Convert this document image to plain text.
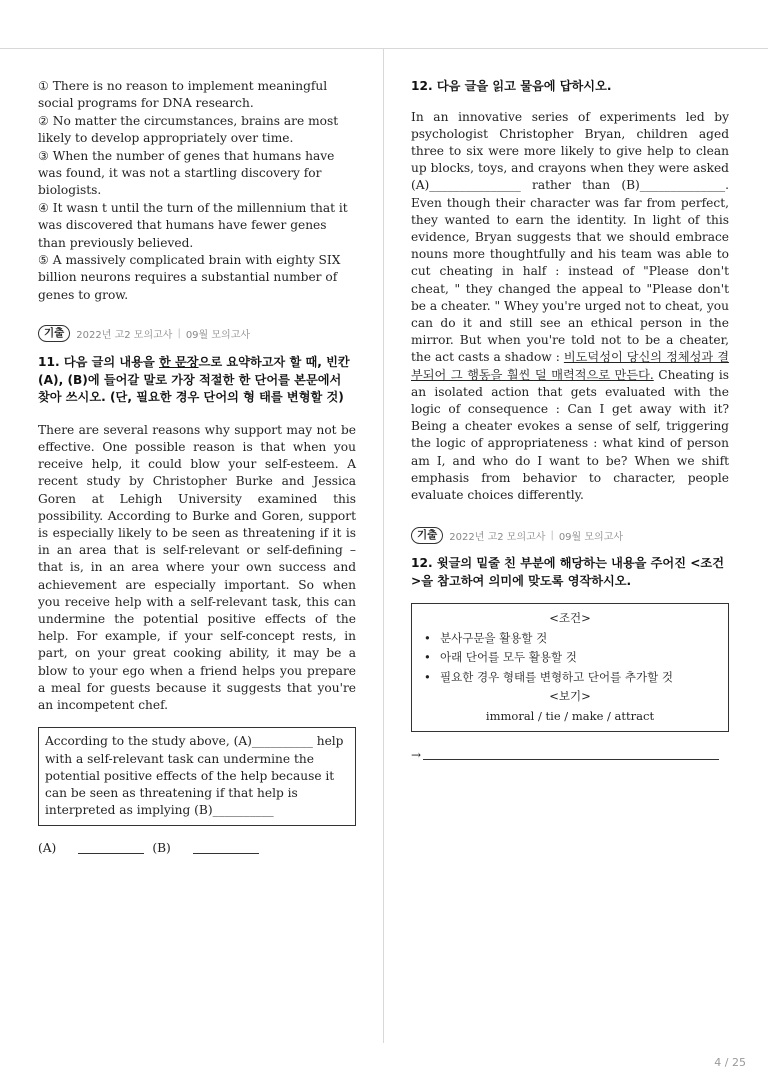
① There is no reason to implement meaningful social programs for DNA research.

② No matter the circumstances, brains are most likely to develop appropriately over time.

③ When the number of genes that humans have was found, it was not a startling discovery for biologists.

④ It wasn t until the turn of the millennium that it was discovered that humans have fewer genes than previously believed.

⑤ A massively complicated brain with eighty SIX billion neurons requires a substantial number of genes to grow.

기출	2022년 고2 모의고사 | 09월 모의고사

11. 다음 글의 내용을 한 문장으로 요약하고자 할 때, 빈칸 (A), (B)에 들어갈 말로 가장 적절한 한 단어를 본문에서 찾아 쓰시오. (단, 필요한 경우 단어의 형 태를 변형할 것)

There are several reasons why support may not be effective. One possible reason is that when you receive help, it could blow your self-esteem. A recent study by Christopher Burke and Jessica Goren at Lehigh University examined this possibility. According to Burke and Goren, support is especially likely to be seen as threatening if it is in an area that is self-relevant or self-defining – that is, in an area where your own success and achievement are especially important. So when you receive help with a self-relevant task, this can undermine the potential positive effects of the help. For example, if your self-concept rests, in part, on your great cooking ability, it may be a blow to your ego when a friend helps you prepare a meal for guests because it suggests that you're an incompetent chef.

According to the study above, (A)__________ help with a self-relevant task can undermine the potential positive effects of the help because it can be seen as threatening if that help is interpreted as implying (B)__________
(A)	(B)

12. 다음 글을 읽고 물음에 답하시오.

In an innovative series of experiments led by psychologist Christopher Bryan, children aged three to six were more likely to give help to clean up blocks, toys, and crayons when they were asked (A)_______________ rather than (B)______________. Even though their character was far from perfect, they wanted to earn the identity. In light of this evidence, Bryan suggests that we should embrace nouns more thoughtfully and his team was able to cut cheating in half : instead of "Please don't cheat, " they changed the appeal to "Please don't be a cheater. " Whey you're urged not to cheat, you can do it and still see an ethical person in the mirror. But when you're told not to be a cheater, the act casts a shadow : 비도덕성이 당신의 정체성과 결부되어 그 행동을 훨씬 덜 매력적으로 만든다. Cheating is an isolated action that gets evaluated with the logic of consequence : Can I get away with it? Being a cheater evokes a sense of self, triggering the logic of appropriateness : what kind of person am I, and who do I want to be? When we shift emphasis from behavior to character, people evaluate choices differently.

기출	2022년 고2 모의고사 | 09월 모의고사

12. 윗글의 밑줄 친 부분에 해당하는 내용을 주어진 <조건>을 참고하여 의미에 맞도록 영작하시오.

<조건>
• 분사구문을 활용할 것
• 아래 단어를 모두 활용할 것
• 필요한 경우 형태를 변형하고 단어를 추가할 것
<보기>
immoral / tie / make / attract
→
4 / 25
